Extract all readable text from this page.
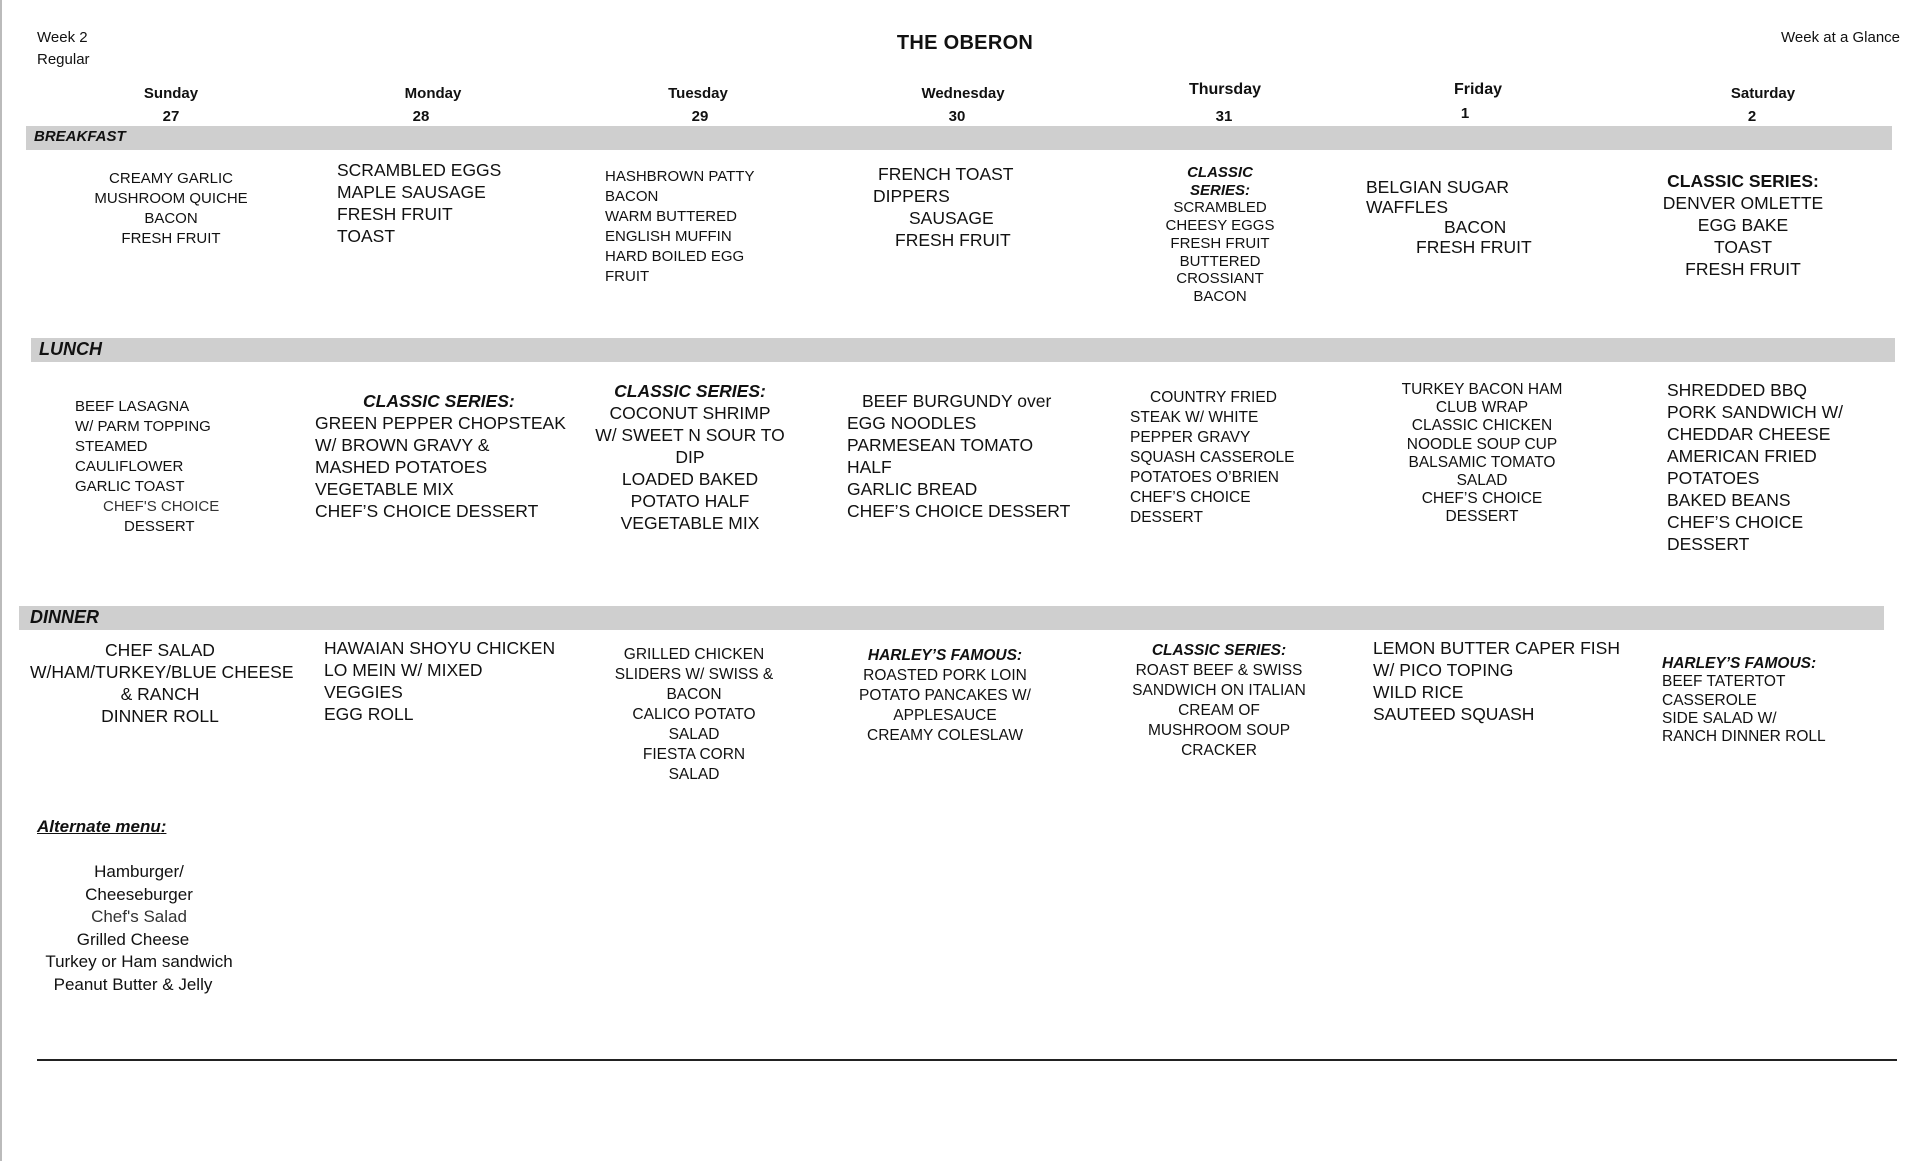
Week 2
Regular
THE OBERON	Week at a Glance
Sunday
27
Monday
28
Tuesday
29
Wednesday
30
Thursday
31
Friday
1
Saturday
2
BREAKFAST
LUNCH
DINNER
CREAMY GARLIC
MUSHROOM QUICHE
BACON
FRESH FRUIT
SCRAMBLED EGGS
MAPLE SAUSAGE
FRESH FRUIT
TOAST
HASHBROWN PATTY
BACON
WARM BUTTERED
ENGLISH MUFFIN
HARD BOILED EGG
FRUIT
FRENCH TOAST
DIPPERS
SAUSAGE
FRESH FRUIT
CLASSIC
SERIES:
SCRAMBLED
CHEESY EGGS
FRESH FRUIT
BUTTERED
CROSSIANT
BACON
BELGIAN SUGAR
WAFFLES
BACON
FRESH FRUIT
CLASSIC SERIES:
DENVER OMLETTE
EGG BAKE
TOAST
FRESH FRUIT
BEEF LASAGNA
W/ PARM TOPPING
STEAMED
CAULIFLOWER
GARLIC TOAST
CHEF'S CHOICE
DESSERT
CLASSIC SERIES:
GREEN PEPPER CHOPSTEAK
W/ BROWN GRAVY &
MASHED POTATOES
VEGETABLE MIX
CHEF’S CHOICE DESSERT
CLASSIC SERIES:
COCONUT SHRIMP
W/ SWEET N SOUR TO
DIP
LOADED BAKED
POTATO HALF
VEGETABLE MIX
BEEF BURGUNDY over
EGG NOODLES
PARMESEAN TOMATO
HALF
GARLIC BREAD
CHEF’S CHOICE DESSERT
COUNTRY FRIED
STEAK W/ WHITE
PEPPER GRAVY
SQUASH CASSEROLE
POTATOES O’BRIEN
CHEF’S CHOICE
DESSERT
TURKEY BACON HAM
CLUB WRAP
CLASSIC CHICKEN
NOODLE SOUP CUP
BALSAMIC TOMATO
SALAD
CHEF’S CHOICE
DESSERT
SHREDDED BBQ
PORK SANDWICH W/
CHEDDAR CHEESE
AMERICAN FRIED
POTATOES
BAKED BEANS
CHEF’S CHOICE
DESSERT
CHEF SALAD
W/HAM/TURKEY/BLUE CHEESE
& RANCH
DINNER ROLL
HAWAIAN SHOYU CHICKEN
LO MEIN W/ MIXED
VEGGIES
EGG ROLL
GRILLED CHICKEN
SLIDERS W/ SWISS &
BACON
CALICO POTATO
SALAD
FIESTA CORN
SALAD
HARLEY’S FAMOUS:
ROASTED PORK LOIN
POTATO PANCAKES W/
APPLESAUCE
CREAMY COLESLAW
CLASSIC SERIES:
ROAST BEEF & SWISS
SANDWICH ON ITALIAN
CREAM OF
MUSHROOM SOUP
CRACKER
LEMON BUTTER CAPER FISH
W/ PICO TOPING
WILD RICE
SAUTEED SQUASH
HARLEY’S FAMOUS:
BEEF TATERTOT
CASSEROLE
SIDE SALAD W/
RANCH DINNER ROLL
Alternate menu:
Hamburger/ Cheeseburger
Chef's Salad
Grilled Cheese
Turkey or Ham sandwich
Peanut Butter & Jelly
